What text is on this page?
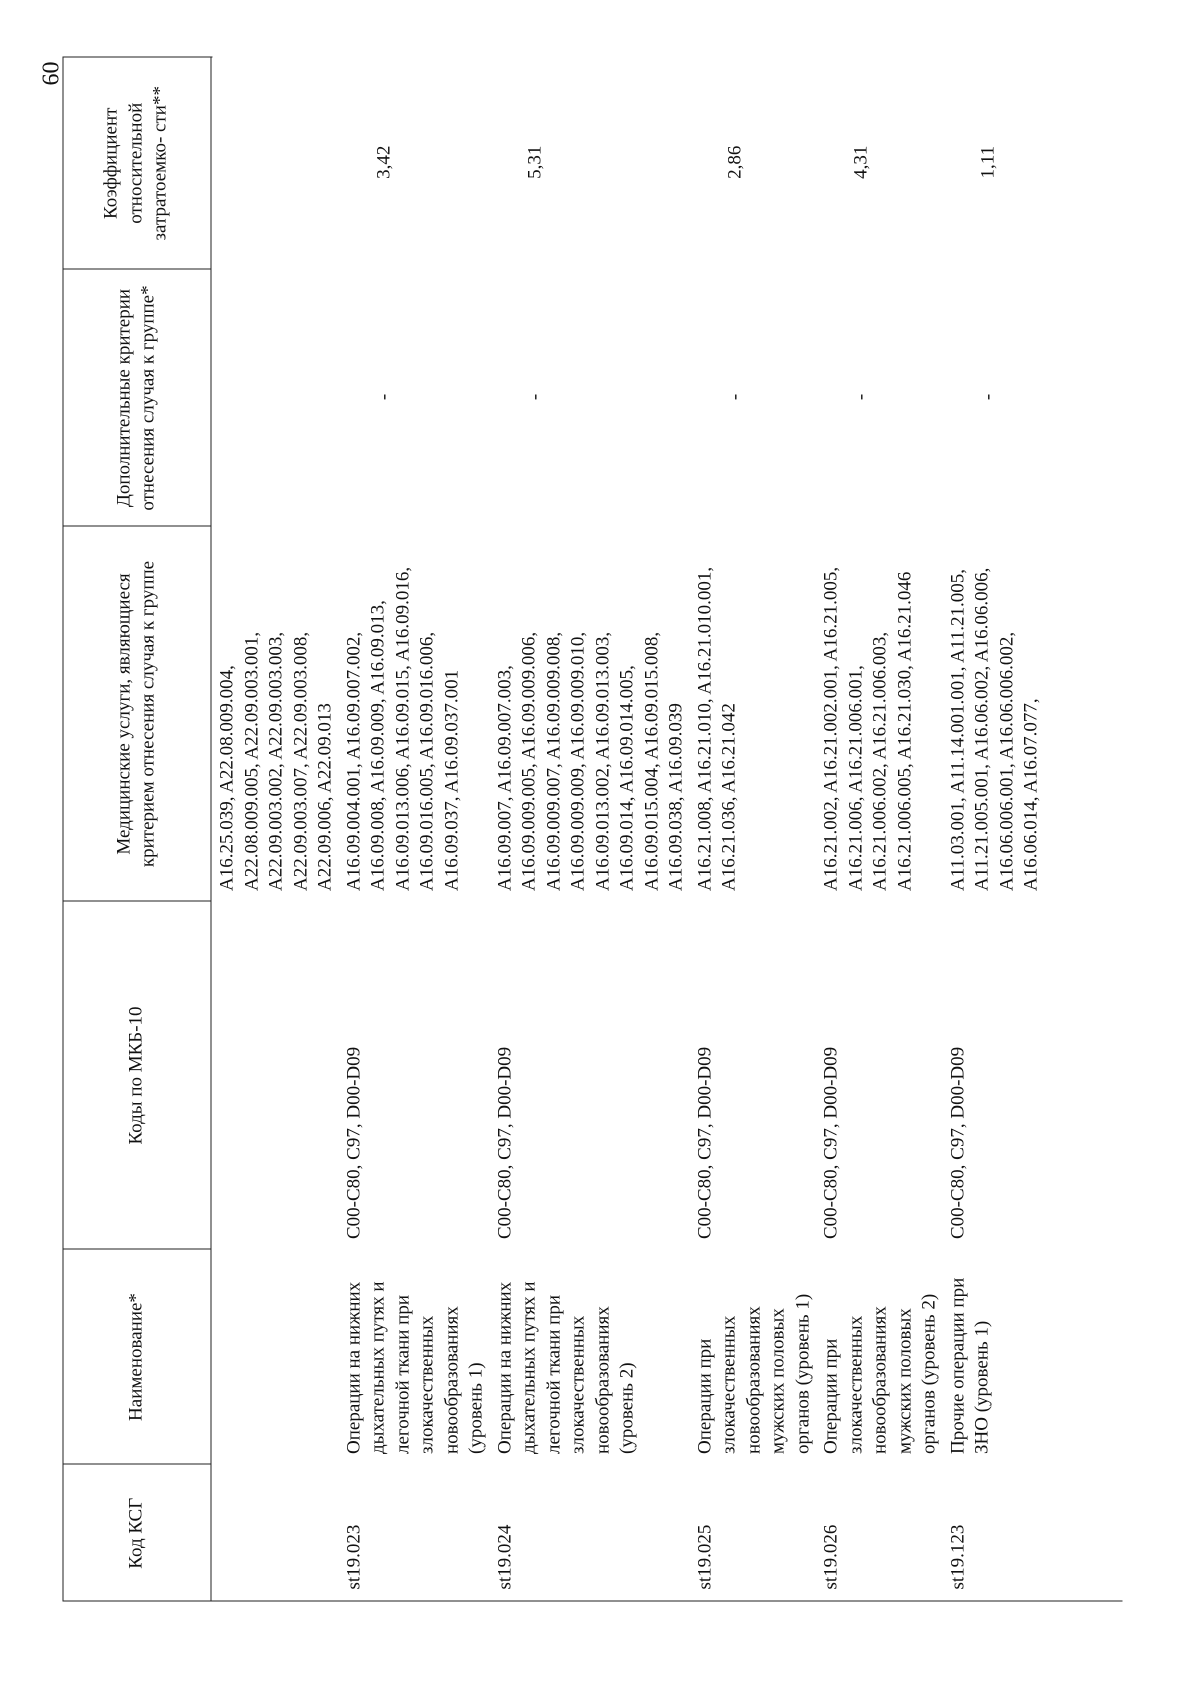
60
Код КСГ	Наименование*	Коды по МКБ-10	Медицинские услуги, являющиеся критерием отнесения случая к группе	Дополнительные критерии отнесения случая к группе*	Коэффициент относительной затратоемко- сти**
			A16.25.039, A22.08.009.004, A22.08.009.005, A22.09.003.001, A22.09.003.002, A22.09.003.003, A22.09.003.007, A22.09.003.008, A22.09.006, A22.09.013		
st19.023	Операции на нижних дыхательных путях и легочной ткани при злокачественных новообразованиях (уровень 1)	C00-C80, C97, D00-D09	A16.09.004.001, A16.09.007.002, A16.09.008, A16.09.009, A16.09.013, A16.09.013.006, A16.09.015, A16.09.016, A16.09.016.005, A16.09.016.006, A16.09.037, A16.09.037.001	-	3,42
st19.024	Операции на нижних дыхательных путях и легочной ткани при злокачественных новообразованиях (уровень 2)	C00-C80, C97, D00-D09	A16.09.007, A16.09.007.003, A16.09.009.005, A16.09.009.006, A16.09.009.007, A16.09.009.008, A16.09.009.009, A16.09.009.010, A16.09.013.002, A16.09.013.003, A16.09.014, A16.09.014.005, A16.09.015.004, A16.09.015.008, A16.09.038, A16.09.039	-	5,31
st19.025	Операции при злокачественных новообразованиях мужских половых органов (уровень 1)	C00-C80, C97, D00-D09	A16.21.008, A16.21.010, A16.21.010.001, A16.21.036, A16.21.042	-	2,86
st19.026	Операции при злокачественных новообразованиях мужских половых органов (уровень 2)	C00-C80, C97, D00-D09	A16.21.002, A16.21.002.001, A16.21.005, A16.21.006, A16.21.006.001, A16.21.006.002, A16.21.006.003, A16.21.006.005, A16.21.030, A16.21.046	-	4,31
st19.123	Прочие операции при ЗНО (уровень 1)	C00-C80, C97, D00-D09	A11.03.001, A11.14.001.001, A11.21.005, A11.21.005.001, A16.06.002, A16.06.006, A16.06.006.001, A16.06.006.002, A16.06.014, A16.07.077,	-	1,11
